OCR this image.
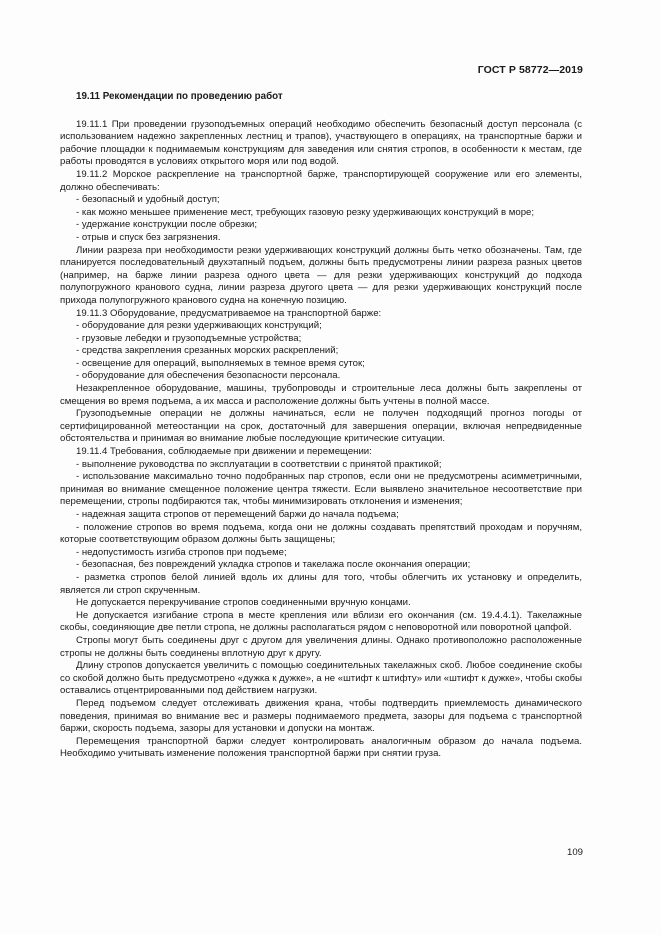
ГОСТ Р 58772—2019
19.11 Рекомендации по проведению работ

19.11.1 При проведении грузоподъемных операций необходимо обеспечить безопасный доступ персонала (с использованием надежно закрепленных лестниц и трапов), участвующего в операциях, на транспортные баржи и рабочие площадки к поднимаемым конструкциям для заведения или снятия стропов, в особенности к местам, где работы проводятся в условиях открытого моря или под водой.

19.11.2 Морское раскрепление на транспортной барже, транспортирующей сооружение или его элементы, должно обеспечивать:

- безопасный и удобный доступ;

- как можно меньшее применение мест, требующих газовую резку удерживающих конструкций в море;

- удержание конструкции после обрезки;

- отрыв и спуск без загрязнения.

Линии разреза при необходимости резки удерживающих конструкций должны быть четко обозначены. Там, где планируется последовательный двухэтапный подъем, должны быть предусмотрены линии разреза разных цветов (например, на барже линии разреза одного цвета — для резки удерживающих конструкций до подхода полупогружного кранового судна, линии разреза другого цвета — для резки удерживающих конструкций после прихода полупогружного кранового судна на конечную позицию.

19.11.3 Оборудование, предусматриваемое на транспортной барже:

- оборудование для резки удерживающих конструкций;

- грузовые лебедки и грузоподъемные устройства;

- средства закрепления срезанных морских раскреплений;

- освещение для операций, выполняемых в темное время суток;

- оборудование для обеспечения безопасности персонала.

Незакрепленное оборудование, машины, трубопроводы и строительные леса должны быть закреплены от смещения во время подъема, а их масса и расположение должны быть учтены в полной массе.

Грузоподъемные операции не должны начинаться, если не получен подходящий прогноз погоды от сертифицированной метеостанции на срок, достаточный для завершения операции, включая непредвиденные обстоятельства и принимая во внимание любые последующие критические ситуации.

19.11.4 Требования, соблюдаемые при движении и перемещении:

- выполнение руководства по эксплуатации в соответствии с принятой практикой;

- использование максимально точно подобранных пар стропов, если они не предусмотрены асимметричными, принимая во внимание смещенное положение центра тяжести. Если выявлено значительное несоответствие при перемещении, стропы подбираются так, чтобы минимизировать отклонения и изменения;

- надежная защита стропов от перемещений баржи до начала подъема;

- положение стропов во время подъема, когда они не должны создавать препятствий проходам и поручням, которые соответствующим образом должны быть защищены;

- недопустимость изгиба стропов при подъеме;

- безопасная, без повреждений укладка стропов и такелажа после окончания операции;

- разметка стропов белой линией вдоль их длины для того, чтобы облегчить их установку и определить, является ли строп скрученным.

Не допускается перекручивание стропов соединенными вручную концами.

Не допускается изгибание стропа в месте крепления или вблизи его окончания (см. 19.4.4.1). Такелажные скобы, соединяющие две петли стропа, не должны располагаться рядом с неповоротной или поворотной цапфой.

Стропы могут быть соединены друг с другом для увеличения длины. Однако противоположно расположенные стропы не должны быть соединены вплотную друг к другу.

Длину стропов допускается увеличить с помощью соединительных такелажных скоб. Любое соединение скобы со скобой должно быть предусмотрено «дужка к дужке», а не «штифт к штифту» или «штифт к дужке», чтобы скобы оставались отцентрированными под действием нагрузки.

Перед подъемом следует отслеживать движения крана, чтобы подтвердить приемлемость динамического поведения, принимая во внимание вес и размеры поднимаемого предмета, зазоры для подъема с транспортной баржи, скорость подъема, зазоры для установки и допуски на монтаж.

Перемещения транспортной баржи следует контролировать аналогичным образом до начала подъема. Необходимо учитывать изменение положения транспортной баржи при снятии груза.

109
